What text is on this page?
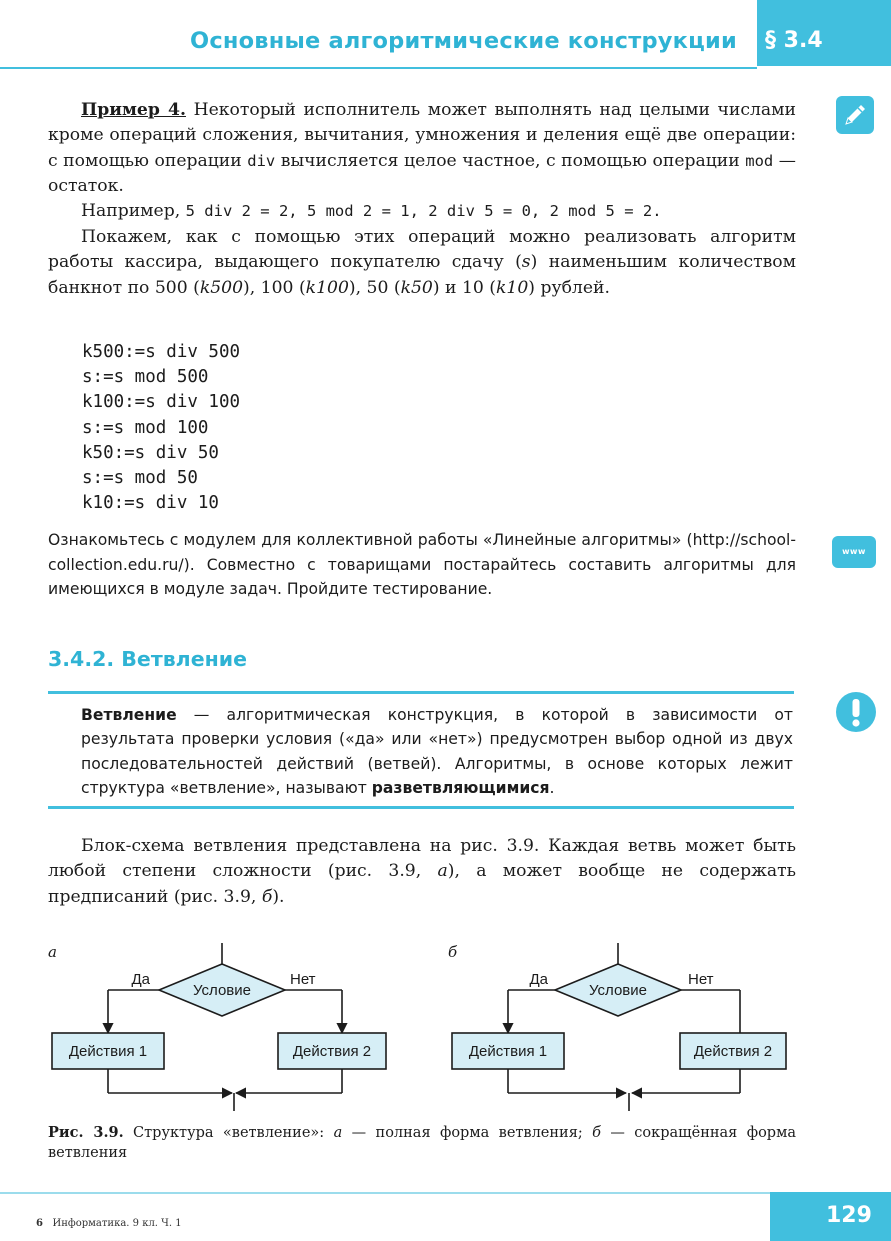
Основные алгоритмические конструкции § 3.4
www

Пример 4. Некоторый исполнитель может выполнять над целыми числами кроме операций сложения, вычитания, умножения и деления ещё две операции: с помощью операции div вычисляется целое частное, с помощью операции mod — остаток.

Например, 5 div 2 = 2, 5 mod 2 = 1, 2 div 5 = 0, 2 mod 5 = 2.

Покажем, как с помощью этих операций можно реализовать алгоритм работы кассира, выдающего покупателю сдачу (s) наименьшим количеством банкнот по 500 (k500), 100 (k100), 50 (k50) и 10 (k10) рублей.

k500:=s div 500
s:=s mod 500
k100:=s div 100
s:=s mod 100
k50:=s div 50
s:=s mod 50
k10:=s div 10

Ознакомьтесь с модулем для коллективной работы «Линейные алгоритмы» (http://school-collection.edu.ru/). Совместно с товарищами постарайтесь составить алгоритмы для имеющихся в модуле задач. Пройдите тестирование.

3.4.2. Ветвление

Ветвление — алгоритмическая конструкция, в которой в зависимости от результата проверки условия («да» или «нет») предусмотрен выбор одной из двух последовательностей действий (ветвей). Алгоритмы, в основе которых лежит структура «ветвление», называют разветвляющимися.

Блок-схема ветвления представлена на рис. 3.9. Каждая ветвь может быть любой степени сложности (рис. 3.9, а), а может вообще не содержать предписаний (рис. 3.9, б).

а	б
Условие
Да	Нет
Действия 1	Действия 2
Условие
Да	Нет
Действия 1	Действия 2

Рис. 3.9. Структура «ветвление»: а — полная форма ветвления; б — сокращённая форма ветвления

6 Информатика. 9 кл. Ч. 1	129
